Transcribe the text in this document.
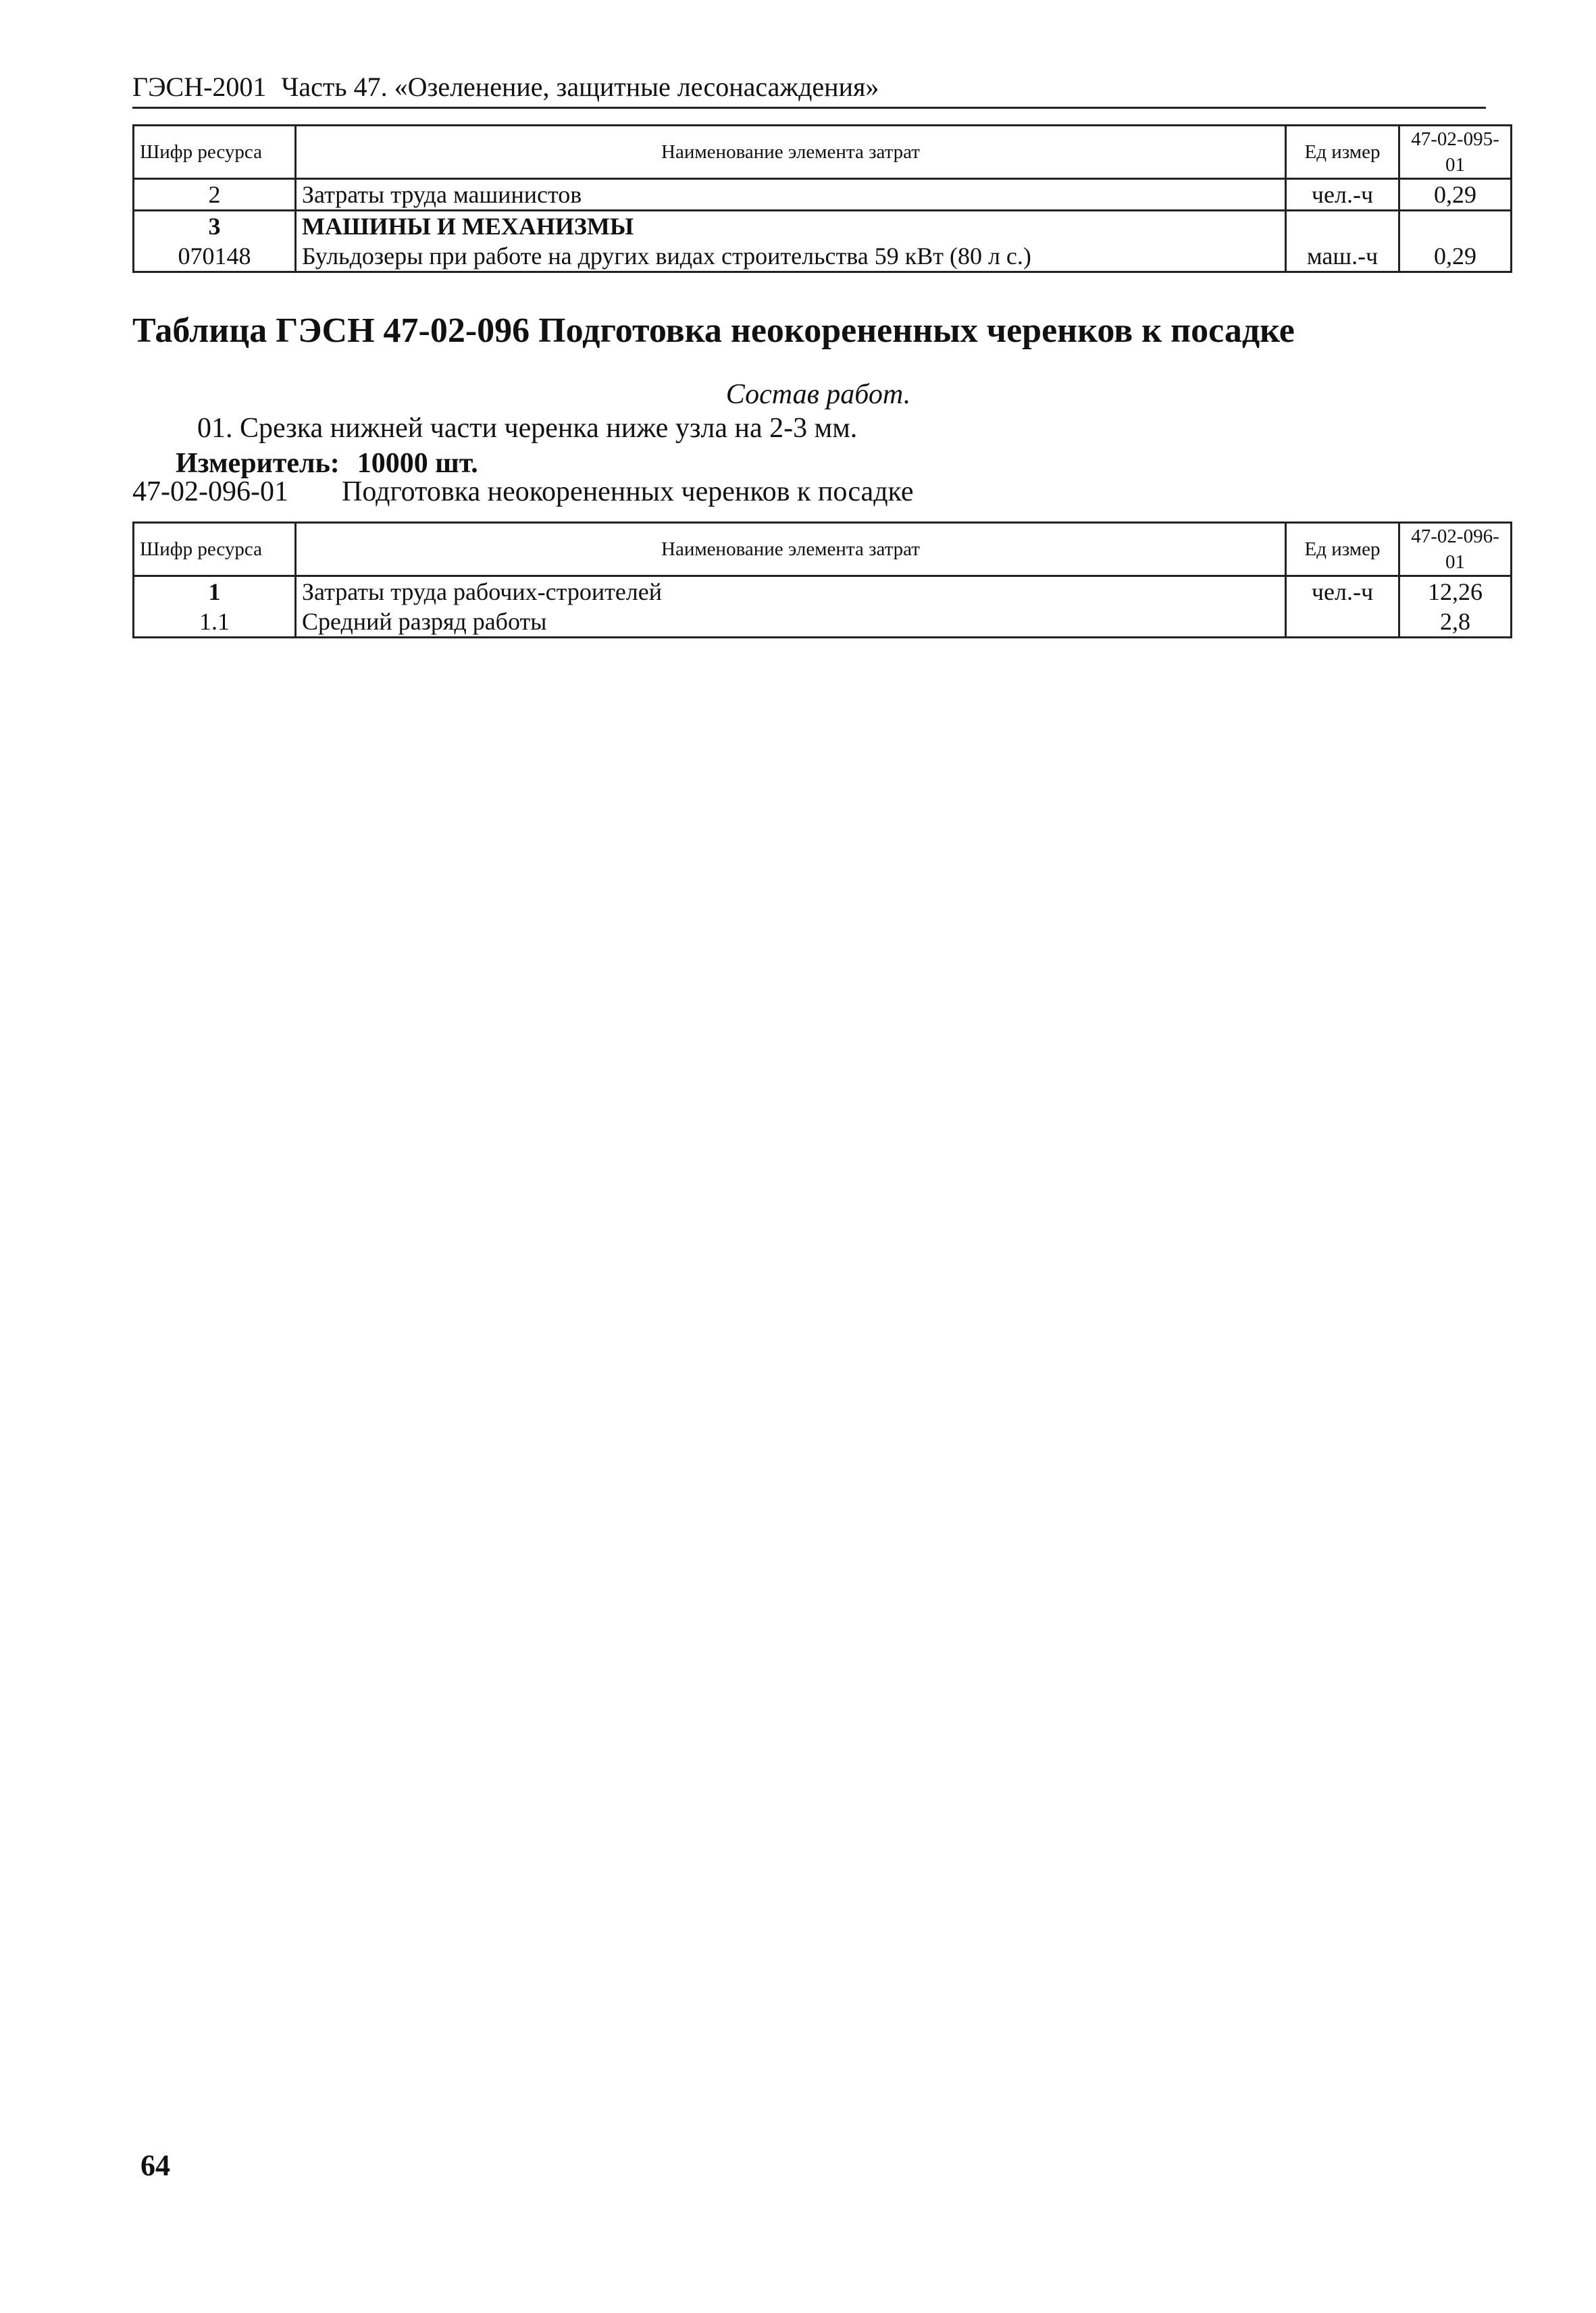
ГЭСН-2001 Часть 47. «Озеленение, защитные лесонасаждения»
Шифр ресурса	Наименование элемента затрат	Ед измер	47-02-095-01
2	Затраты труда машинистов	чел.-ч	0,29
3	МАШИНЫ И МЕХАНИЗМЫ		
070148	Бульдозеры при работе на других видах строительства 59 кВт (80 л с.)	маш.-ч	0,29
Таблица ГЭСН 47-02-096 Подготовка неокорененных черенков к посадке
Состав работ.
01. Срезка нижней части черенка ниже узла на 2-3 мм.
Измеритель: 10000 шт.
47-02-096-01 Подготовка неокорененных черенков к посадке
Шифр ресурса	Наименование элемента затрат	Ед измер	47-02-096-01
1	Затраты труда рабочих-строителей	чел.-ч	12,26
1.1	Средний разряд работы		2,8
64
